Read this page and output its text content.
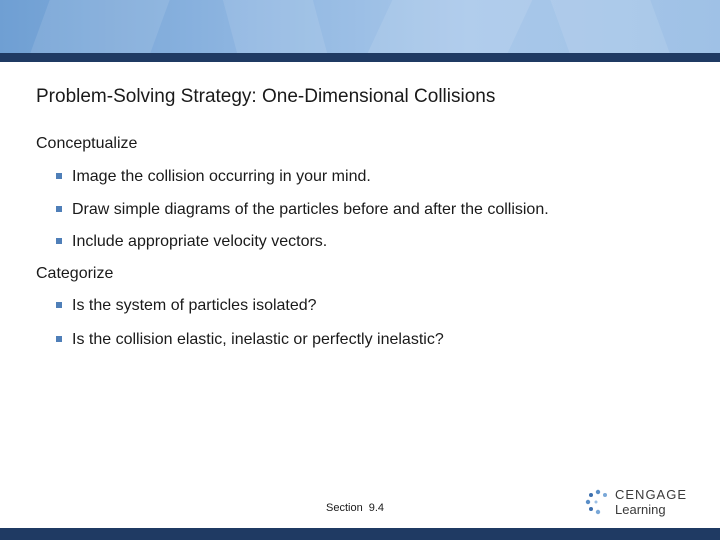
Problem-Solving Strategy: One-Dimensional Collisions
Conceptualize
Image the collision occurring in your mind.
Draw simple diagrams of the particles before and after the collision.
Include appropriate velocity vectors.
Categorize
Is the system of particles isolated?
Is the collision elastic, inelastic or perfectly inelastic?
Section 9.4
CENGAGE
Learning
